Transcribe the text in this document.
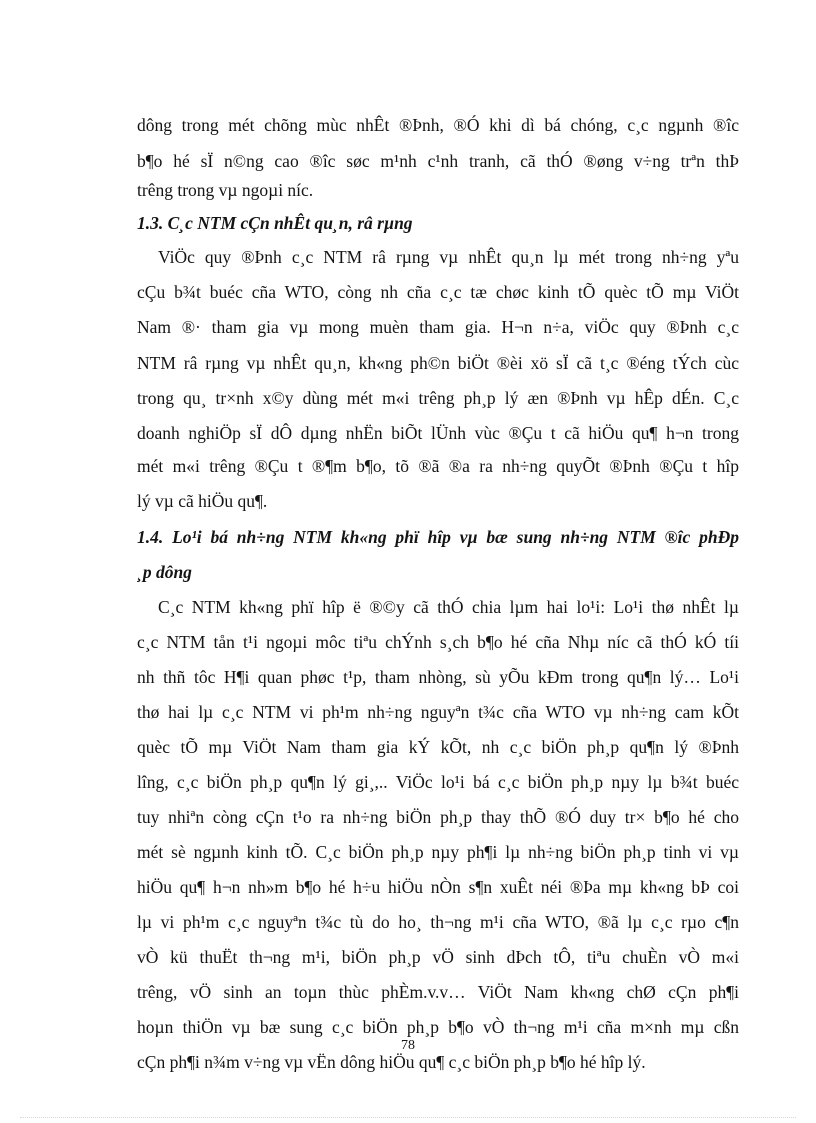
dông trong mét chõng mùc nhÊt ®Þnh, ®Ó khi dì bá chóng, c¸c ngµnh ®îc
b¶o hé sÏ n©ng cao ®îc søc m¹nh c¹nh tranh, cã thÓ ®øng v÷ng trªn thÞ
trêng trong vµ ngoµi níc.
1.3. C¸c NTM cÇn nhÊt qu¸n, râ rµng
ViÖc quy ®Þnh c¸c NTM râ rµng vµ nhÊt qu¸n lµ mét trong nh÷ng yªu
cÇu b¾t buéc cña WTO, còng nh cña c¸c tæ chøc kinh tÕ quèc tÕ mµ ViÖt
Nam ®· tham gia vµ mong muèn tham gia. H¬n n÷a, viÖc quy ®Þnh c¸c
NTM râ rµng vµ nhÊt qu¸n, kh«ng ph©n biÖt ®èi xö sÏ cã t¸c ®éng tÝch cùc
trong qu¸ tr×nh x©y dùng mét m«i trêng ph¸p lý æn ®Þnh vµ hÊp dÉn. C¸c
doanh nghiÖp sÏ dÔ dµng nhËn biÕt lÜnh vùc ®Çu t cã hiÖu qu¶ h¬n trong
mét m«i trêng ®Çu t ®¶m b¶o, tõ ®ã ®a ra nh÷ng quyÕt ®Þnh ®Çu t hîp
lý vµ cã hiÖu qu¶.
1.4. Lo¹i bá nh÷ng NTM kh«ng phï hîp vµ bæ sung nh÷ng NTM ®îc phÐp
¸p dông
C¸c NTM kh«ng phï hîp ë ®©y cã thÓ chia lµm hai lo¹i: Lo¹i thø nhÊt lµ
c¸c NTM tån t¹i ngoµi môc tiªu chÝnh s¸ch b¶o hé cña Nhµ níc cã thÓ kÓ tíi
nh thñ tôc H¶i quan phøc t¹p, tham nhòng, sù yÕu kÐm trong qu¶n lý… Lo¹i
thø hai lµ c¸c NTM vi ph¹m nh÷ng nguyªn t¾c cña WTO vµ nh÷ng cam kÕt
quèc tÕ mµ ViÖt Nam tham gia kÝ kÕt, nh c¸c biÖn ph¸p qu¶n lý ®Þnh
lîng, c¸c biÖn ph¸p qu¶n lý gi¸,.. ViÖc lo¹i bá c¸c biÖn ph¸p nµy lµ b¾t buéc
tuy nhiªn còng cÇn t¹o ra nh÷ng biÖn ph¸p thay thÕ ®Ó duy tr× b¶o hé cho
mét sè ngµnh kinh tÕ. C¸c biÖn ph¸p nµy ph¶i lµ nh÷ng biÖn ph¸p tinh vi vµ
hiÖu qu¶ h¬n nh»m b¶o hé h÷u hiÖu nÒn s¶n xuÊt néi ®Þa mµ kh«ng bÞ coi
lµ vi ph¹m c¸c nguyªn t¾c tù do ho¸ th¬ng m¹i cña WTO, ®ã lµ c¸c rµo c¶n
vÒ kü thuËt th¬ng m¹i, biÖn ph¸p vÖ sinh dÞch tÔ, tiªu chuÈn vÒ m«i
trêng, vÖ sinh an toµn thùc phÈm.v.v… ViÖt Nam kh«ng chØ cÇn ph¶i
hoµn thiÖn vµ bæ sung c¸c biÖn ph¸p b¶o vÒ th¬ng m¹i cña m×nh mµ cßn
cÇn ph¶i n¾m v÷ng vµ vËn dông hiÖu qu¶ c¸c biÖn ph¸p b¶o hé hîp lý.
78
